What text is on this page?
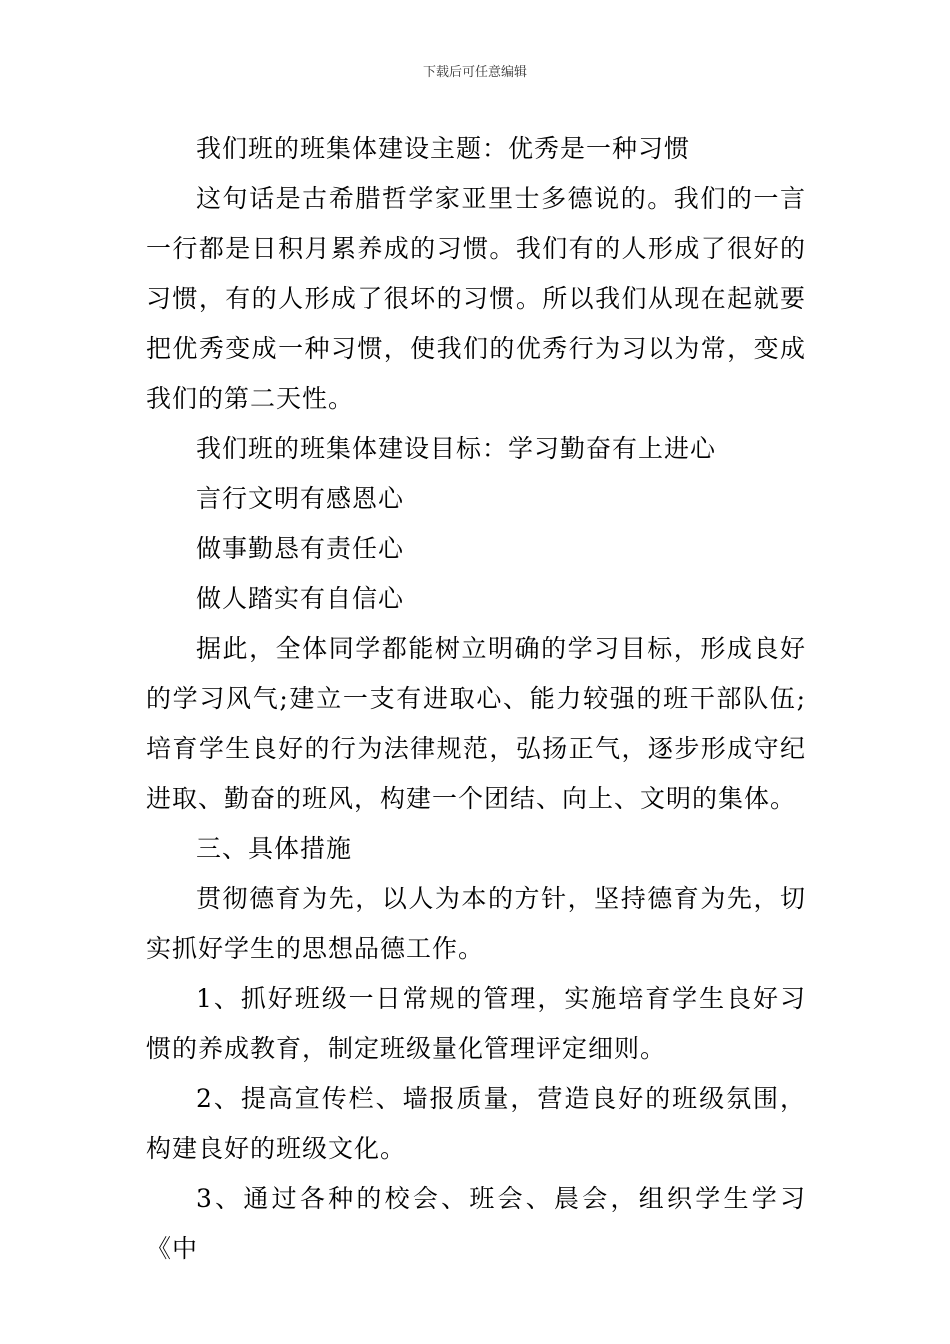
下载后可任意编辑

我们班的班集体建设主题：优秀是一种习惯

这句话是古希腊哲学家亚里士多德说的。我们的一言一行都是日积月累养成的习惯。我们有的人形成了很好的习惯，有的人形成了很坏的习惯。所以我们从现在起就要把优秀变成一种习惯，使我们的优秀行为习以为常，变成我们的第二天性。

我们班的班集体建设目标：学习勤奋有上进心

言行文明有感恩心

做事勤恳有责任心

做人踏实有自信心

据此，全体同学都能树立明确的学习目标，形成良好的学习风气;建立一支有进取心、能力较强的班干部队伍;培育学生良好的行为法律规范，弘扬正气，逐步形成守纪进取、勤奋的班风，构建一个团结、向上、文明的集体。

三、具体措施

贯彻德育为先，以人为本的方针，坚持德育为先，切实抓好学生的思想品德工作。

1、抓好班级一日常规的管理，实施培育学生良好习惯的养成教育，制定班级量化管理评定细则。

2、提高宣传栏、墙报质量，营造良好的班级氛围，构建良好的班级文化。

3、通过各种的校会、班会、晨会，组织学生学习《中
